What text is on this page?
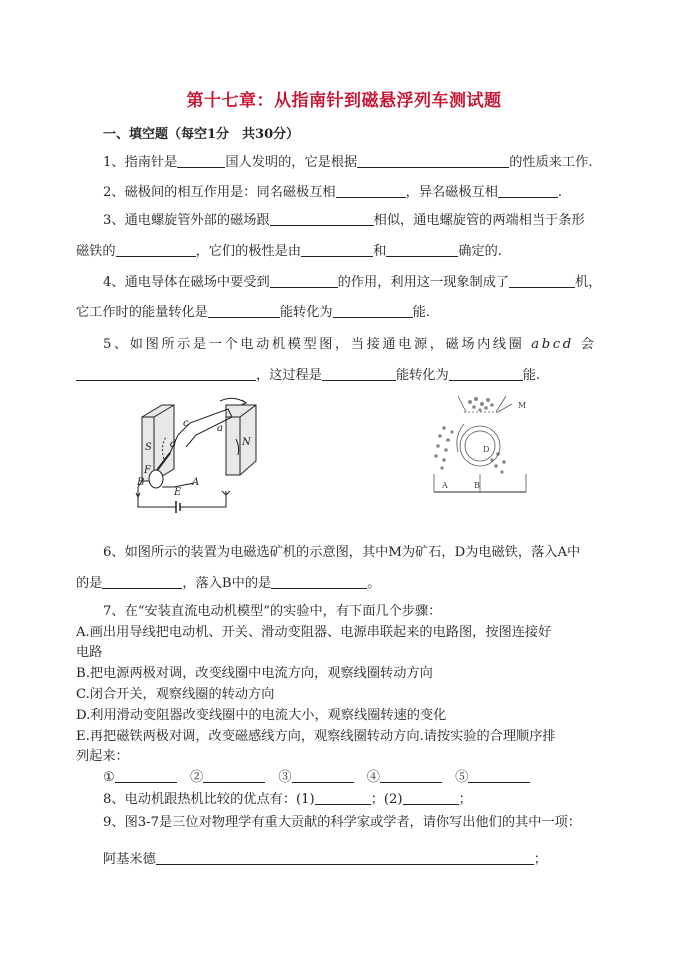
第十七章：从指南针到磁悬浮列车测试题
一、填空题（每空1分　共30分）
1、指南针是	国人发明的，它是根据	的性质来工作.
2、磁极间的相互作用是：同名磁极互相	，异名磁极互相	.
3、通电螺旋管外部的磁场跟	相似，通电螺旋管的两端相当于条形
磁铁的	，它们的极性是由	和	确定的.
4、通电导体在磁场中要受到	的作用，利用这一现象制成了	机，
它工作时的能量转化是	能转化为	能.
5、如图所示是一个电动机模型图，当接通电源，磁场内线圈 abcd 会
，这过程是	能转化为	能.
S	N
c
d
a
F
B
E
A
M
D
A	B
6、如图所示的装置为电磁选矿机的示意图，其中M为矿石，D为电磁铁，落入A中
的是	，落入B中的是	。
7、在“安装直流电动机模型”的实验中，有下面几个步骤：
A.画出用导线把电动机、开关、滑动变阻器、电源串联起来的电路图，按图连接好
电路
B.把电源两极对调，改变线圈中电流方向，观察线圈转动方向
C.闭合开关，观察线圈的转动方向
D.利用滑动变阻器改变线圈中的电流大小，观察线圈转速的变化
E.再把磁铁两极对调，改变磁感线方向，观察线圈转动方向.请按实验的合理顺序排
列起来：
①　	②　	③　	④　	⑤
8、电动机跟热机比较的优点有：(1)	；(2)	；
9、图3-7是三位对物理学有重大贡献的科学家或学者，请你写出他们的其中一项：
阿基米德	；
